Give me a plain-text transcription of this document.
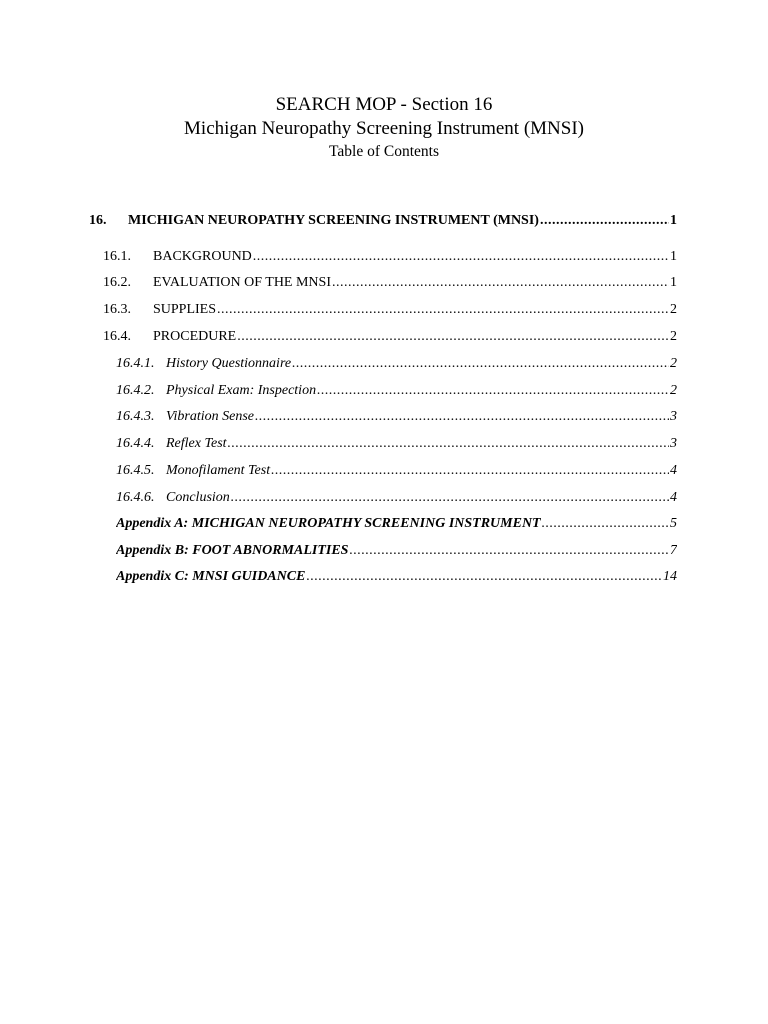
SEARCH MOP - Section 16
Michigan Neuropathy Screening Instrument (MNSI)
Table of Contents
16.	MICHIGAN NEUROPATHY SCREENING INSTRUMENT (MNSI) .....	1
16.1.	BACKGROUND .....	1
16.2.	EVALUATION OF THE MNSI .....	1
16.3.	SUPPLIES .....	2
16.4.	PROCEDURE .....	2
16.4.1. History Questionnaire .....	2
16.4.2. Physical Exam: Inspection .....	2
16.4.3. Vibration Sense .....	3
16.4.4. Reflex Test .....	3
16.4.5. Monofilament Test .....	4
16.4.6. Conclusion .....	4
Appendix A: MICHIGAN NEUROPATHY SCREENING INSTRUMENT .....	5
Appendix B: FOOT ABNORMALITIES .....	7
Appendix C: MNSI GUIDANCE .....	14
